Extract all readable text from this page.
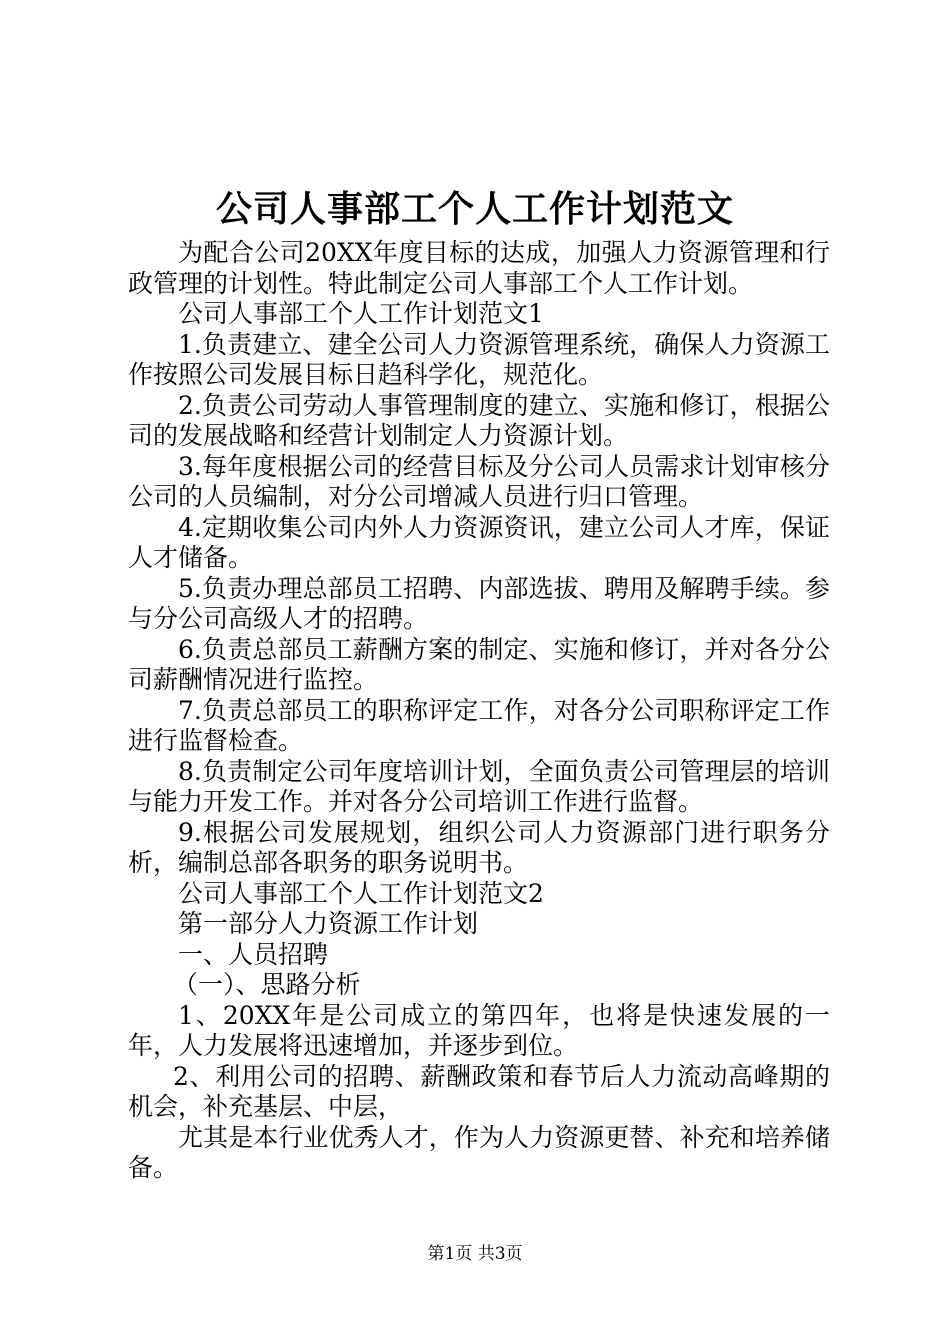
公司人事部工个人工作计划范文

为配合公司20XX年度目标的达成，加强人力资源管理和行政管理的计划性。特此制定公司人事部工个人工作计划。

公司人事部工个人工作计划范文1

1.负责建立、建全公司人力资源管理系统，确保人力资源工作按照公司发展目标日趋科学化，规范化。

2.负责公司劳动人事管理制度的建立、实施和修订，根据公司的发展战略和经营计划制定人力资源计划。

3.每年度根据公司的经营目标及分公司人员需求计划审核分公司的人员编制，对分公司增减人员进行归口管理。

4.定期收集公司内外人力资源资讯，建立公司人才库，保证人才储备。

5.负责办理总部员工招聘、内部选拔、聘用及解聘手续。参与分公司高级人才的招聘。

6.负责总部员工薪酬方案的制定、实施和修订，并对各分公司薪酬情况进行监控。

7.负责总部员工的职称评定工作，对各分公司职称评定工作进行监督检查。

8.负责制定公司年度培训计划，全面负责公司管理层的培训与能力开发工作。并对各分公司培训工作进行监督。

9.根据公司发展规划，组织公司人力资源部门进行职务分析，编制总部各职务的职务说明书。

公司人事部工个人工作计划范文2

第一部分人力资源工作计划

一、人员招聘

（一）、思路分析

1、20XX年是公司成立的第四年，也将是快速发展的一年，人力发展将迅速增加，并逐步到位。

2、利用公司的招聘、薪酬政策和春节后人力流动高峰期的机会，补充基层、中层，

尤其是本行业优秀人才，作为人力资源更替、补充和培养储备。

第1页 共3页
